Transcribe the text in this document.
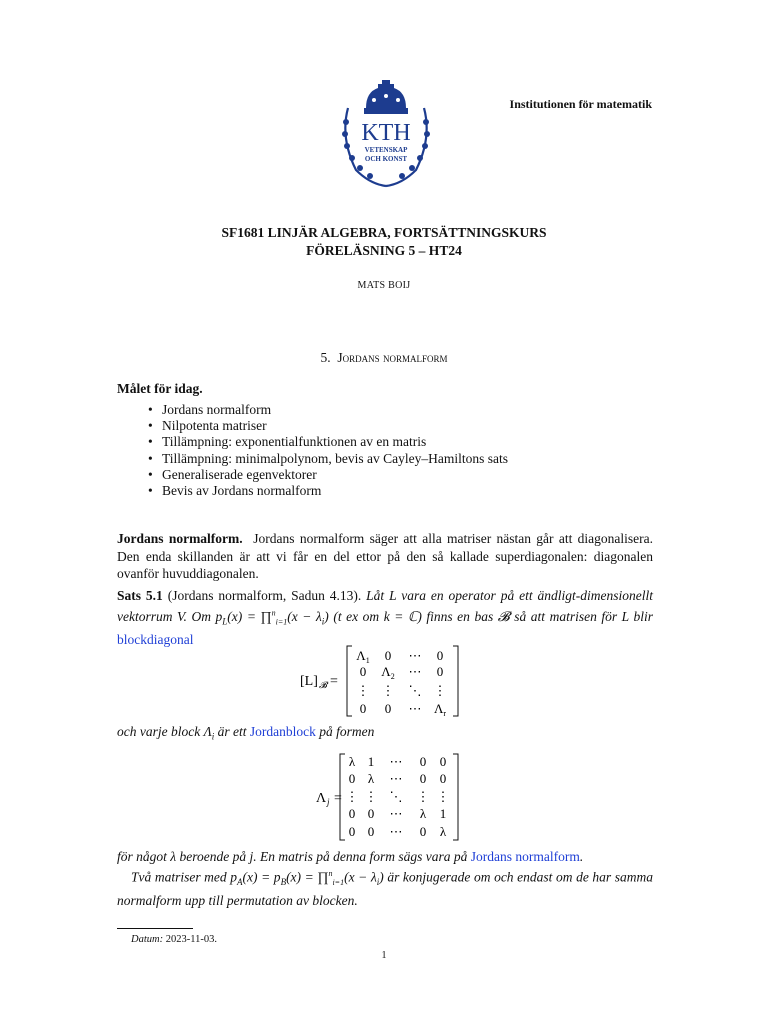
KTH
VETENSKAP
OCH KONST
Institutionen för matematik
SF1681 LINJÄR ALGEBRA, FORTSÄTTNINGSKURS
FÖRELÄSNING 5 – HT24
MATS BOIJ
5. Jordans normalform
Målet för idag.
• Jordans normalform
• Nilpotenta matriser
• Tillämpning: exponentialfunktionen av en matris
• Tillämpning: minimalpolynom, bevis av Cayley–Hamiltons sats
• Generaliserade egenvektorer
• Bevis av Jordans normalform
Jordans normalform. Jordans normalform säger att alla matriser nästan går att diagonalisera. Den enda skillanden är att vi får en del ettor på den så kallade superdiagonalen: diagonalen ovanför huvuddiagonalen.
Sats 5.1 (Jordans normalform, Sadun 4.13). Låt L vara en operator på ett ändligt-dimensionellt vektorrum V. Om $p_L(x)$ = ∏$^n_{i=1}$(x − $\lambda_i$) (t ex om k = ℂ) finns en bas 𝓑 så att matrisen för L blir blockdiagonal
[L] 𝓑 =
$\Lambda_1$ 0 ⋯ 0
0 $\Lambda_2$ ⋯ 0
⋮ ⋮ ⋱ ⋮
0 0 ⋯ $\Lambda_r$
och varje block $\Lambda_i$ är ett Jordanblock på formen
Λ j =
λ 1 ⋯ 0 0
0 λ ⋯ 0 0
⋮ ⋮ ⋱ ⋮ ⋮
0 0 ⋯ λ 1
0 0 ⋯ 0 λ
för något λ beroende på j. En matris på denna form sägs vara på Jordans normalform.
Två matriser med $p_A(x) = p_B(x)$ = ∏$^n_{i=1}$(x − $\lambda_i$) är konjugerade om och endast om de har samma normalform upp till permutation av blocken.
Datum: 2023-11-03.
1
